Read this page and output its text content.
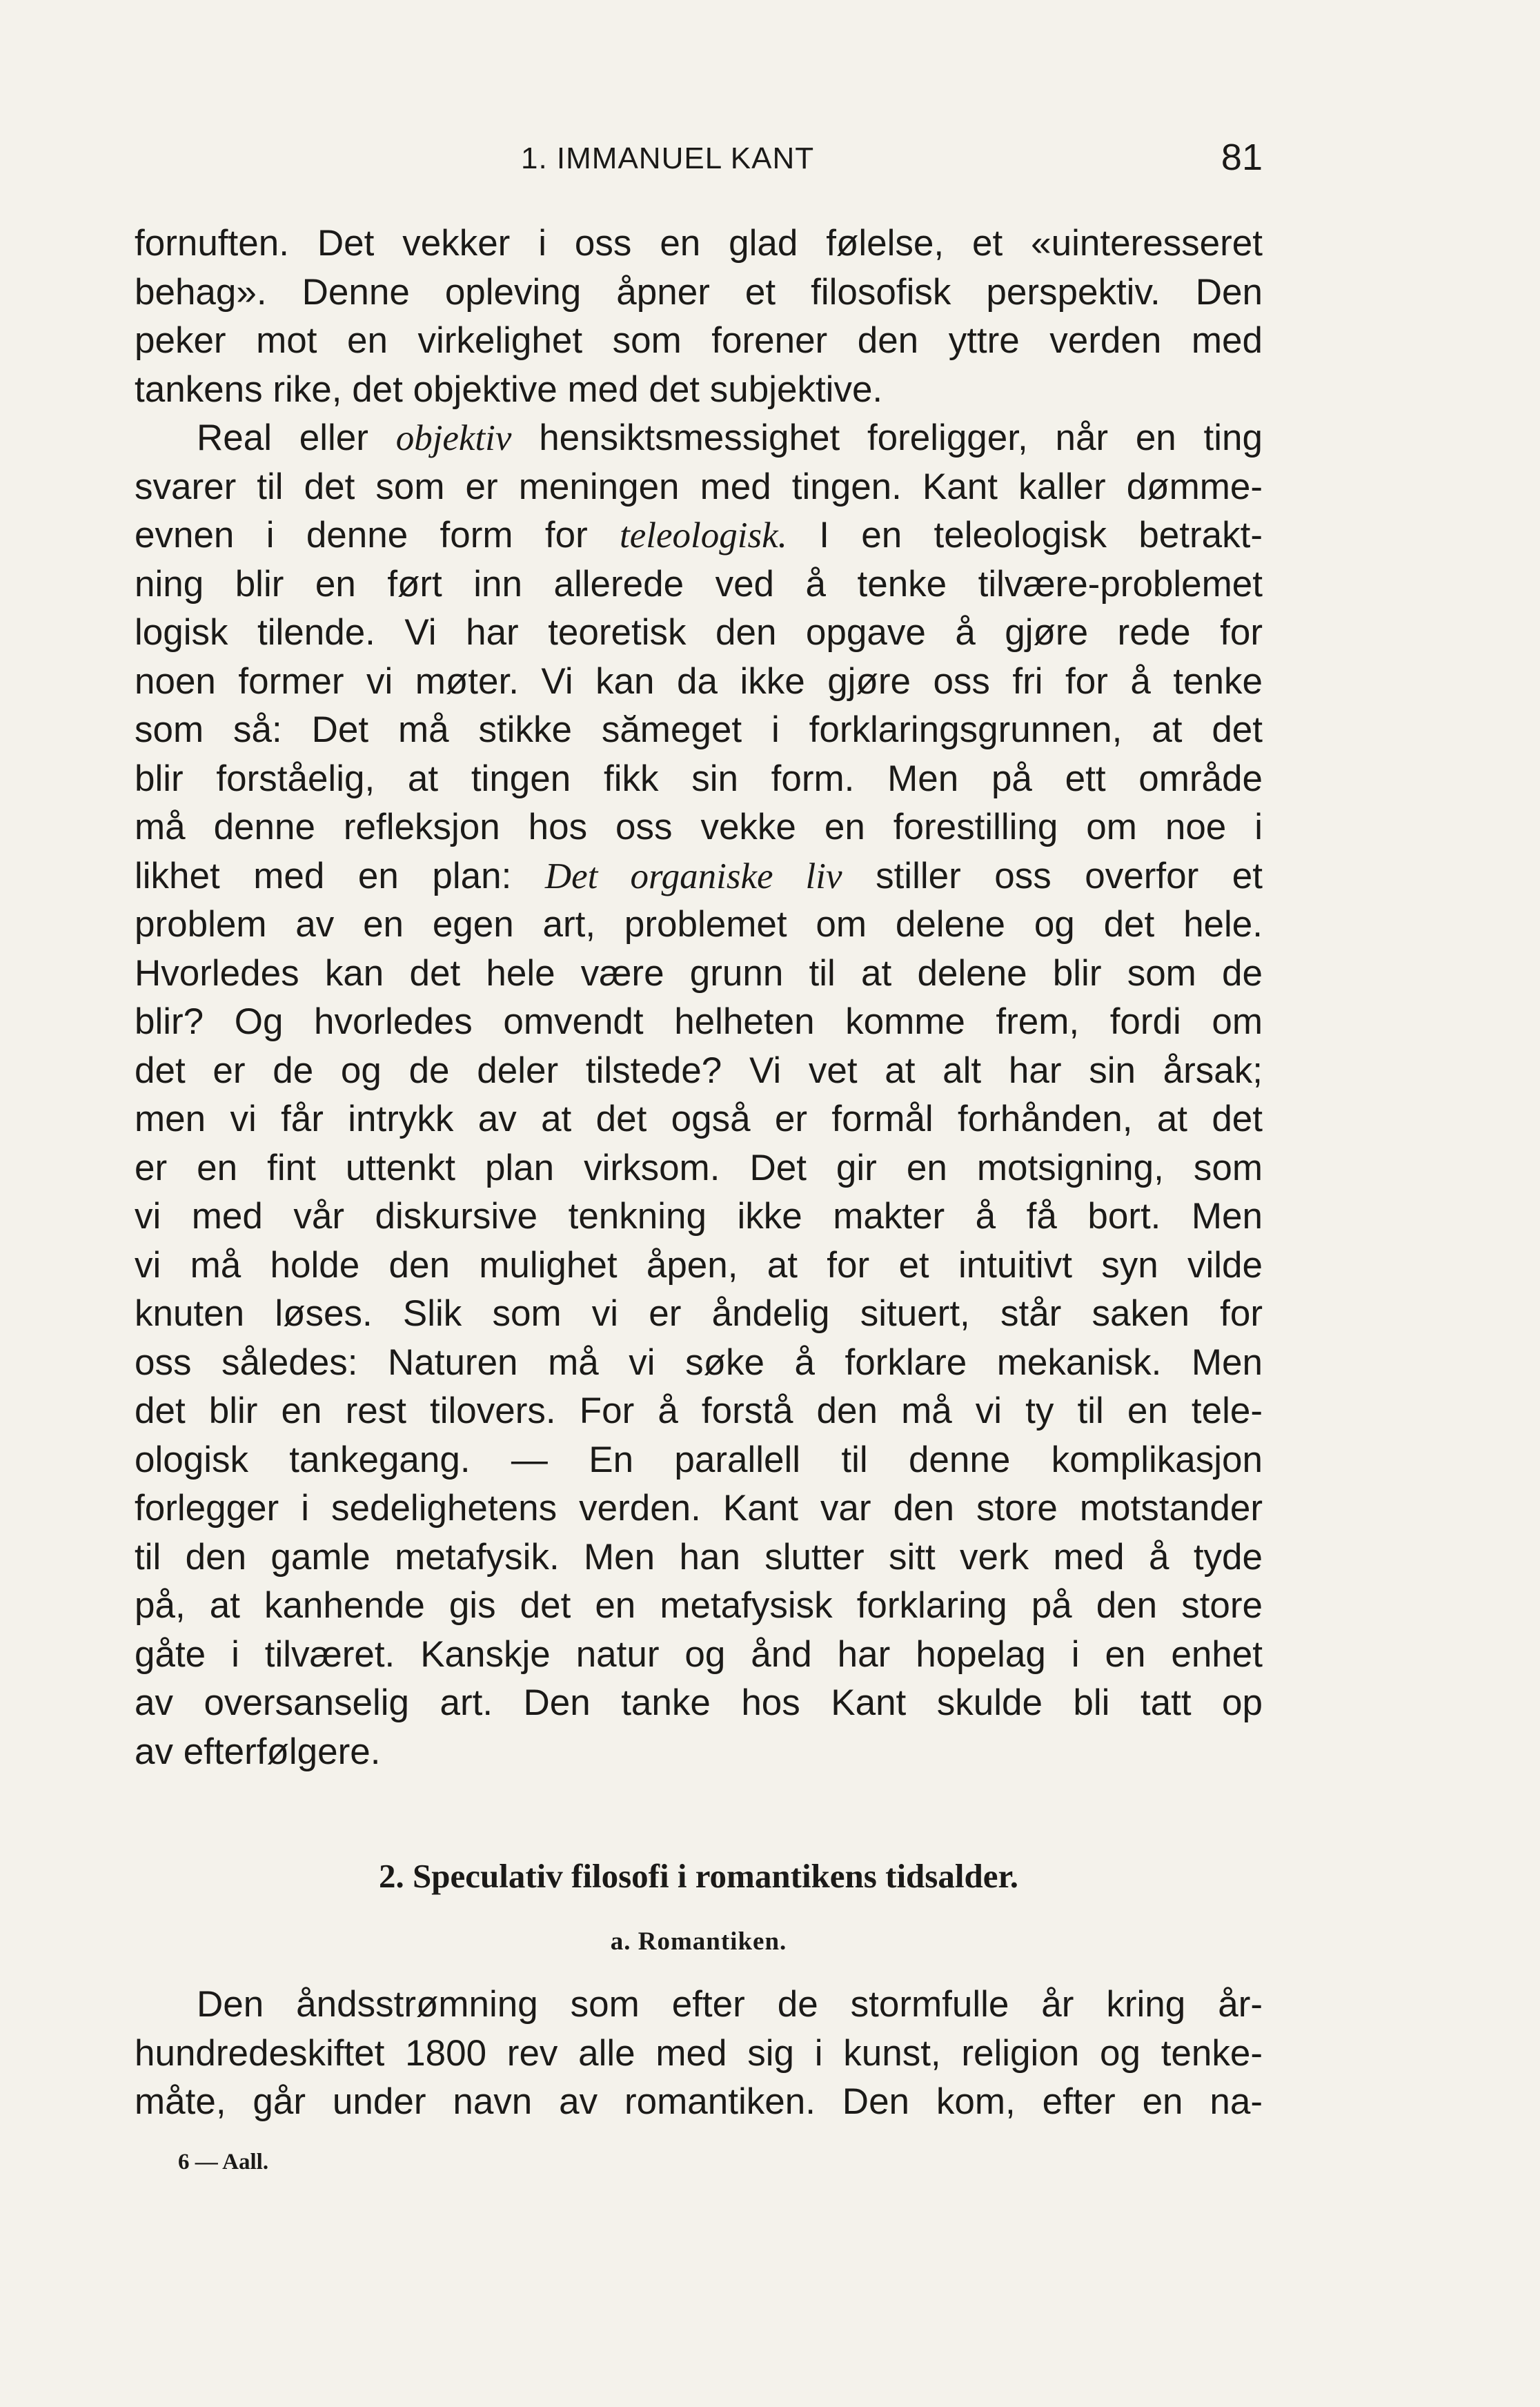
1. IMMANUEL KANT	81
fornuften. Det vekker i oss en glad følelse, et «uinteresseret
behag». Denne opleving åpner et filosofisk perspektiv. Den
peker mot en virkelighet som forener den yttre verden med
tankens rike, det objektive med det subjektive.
Real eller objektiv hensiktsmessighet foreligger, når en ting
svarer til det som er meningen med tingen. Kant kaller dømme-
evnen i denne form for teleologisk. I en teleologisk betrakt-
ning blir en ført inn allerede ved å tenke tilvære-problemet
logisk tilende. Vi har teoretisk den opgave å gjøre rede for
noen former vi møter. Vi kan da ikke gjøre oss fri for å tenke
som så: Det må stikke sămeget i forklaringsgrunnen, at det
blir forståelig, at tingen fikk sin form. Men på ett område
må denne refleksjon hos oss vekke en forestilling om noe i
likhet med en plan: Det organiske liv stiller oss overfor et
problem av en egen art, problemet om delene og det hele.
Hvorledes kan det hele være grunn til at delene blir som de
blir? Og hvorledes omvendt helheten komme frem, fordi om
det er de og de deler tilstede? Vi vet at alt har sin årsak;
men vi får intrykk av at det også er formål forhånden, at det
er en fint uttenkt plan virksom. Det gir en motsigning, som
vi med vår diskursive tenkning ikke makter å få bort. Men
vi må holde den mulighet åpen, at for et intuitivt syn vilde
knuten løses. Slik som vi er åndelig situert, står saken for
oss således: Naturen må vi søke å forklare mekanisk. Men
det blir en rest tilovers. For å forstå den må vi ty til en tele-
ologisk tankegang. — En parallell til denne komplikasjon
forlegger i sedelighetens verden. Kant var den store motstander
til den gamle metafysik. Men han slutter sitt verk med å tyde
på, at kanhende gis det en metafysisk forklaring på den store
gåte i tilværet. Kanskje natur og ånd har hopelag i en enhet
av oversanselig art. Den tanke hos Kant skulde bli tatt op
av efterfølgere.
2. Speculativ filosofi i romantikens tidsalder.
a. Romantiken.
Den åndsstrømning som efter de stormfulle år kring år-
hundredeskiftet 1800 rev alle med sig i kunst, religion og tenke-
måte, går under navn av romantiken. Den kom, efter en na-
6 — Aall.
